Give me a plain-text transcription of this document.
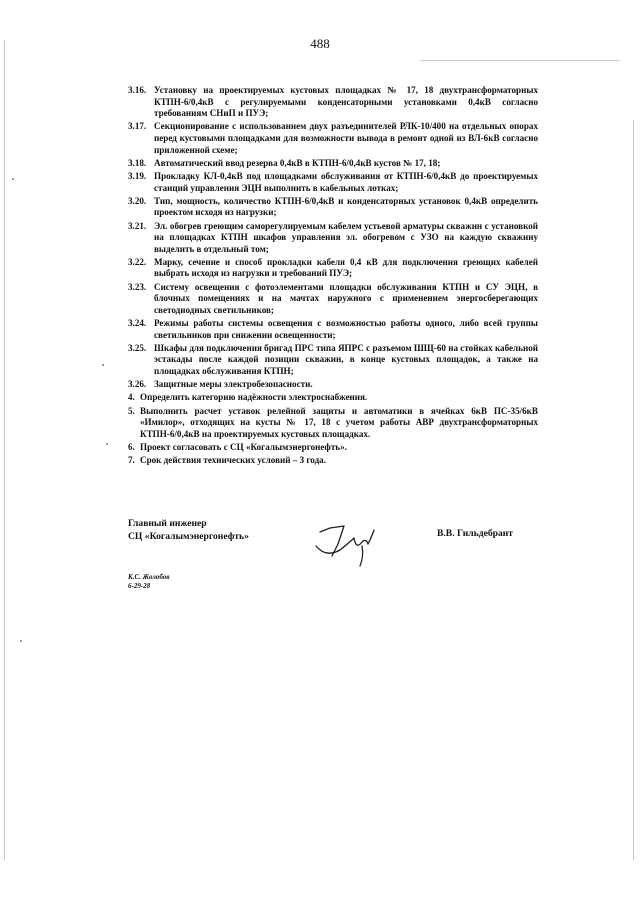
488
3.16. Установку на проектируемых кустовых площадках № 17, 18 двухтрансформаторных КТПН-6/0,4кВ с регулируемыми конденсаторными установками 0,4кВ согласно требованиям СНиП и ПУЭ;
3.17. Секционирование с использованием двух разъединителей РЛК-10/400 на отдельных опорах перед кустовыми площадками для возможности вывода в ремонт одной из ВЛ-6кВ согласно приложенной схеме;
3.18. Автоматический ввод резерва 0,4кВ в КТПН-6/0,4кВ кустов № 17, 18;
3.19. Прокладку КЛ-0,4кВ под площадками обслуживания от КТПН-6/0,4кВ до проектируемых станций управления ЭЦН выполнить в кабельных лотках;
3.20. Тип, мощность, количество КТПН-6/0,4кВ и конденсаторных установок 0,4кВ определить проектом исходя из нагрузки;
3.21. Эл. обогрев греющим саморегулируемым кабелем устьевой арматуры скважин с установкой на площадках КТПН шкафов управления эл. обогревом с УЗО на каждую скважину выделить в отдельный том;
3.22. Марку, сечение и способ прокладки кабеля 0,4 кВ для подключения греющих кабелей выбрать исходя из нагрузки и требований ПУЭ;
3.23. Систему освещения с фотоэлементами площадки обслуживания КТПН и СУ ЭЦН, в блочных помещениях и на мачтах наружного с применением энергосберегающих светодиодных светильников;
3.24. Режимы работы системы освещения с возможностью работы одного, либо всей группы светильников при снижении освещенности;
3.25. Шкафы для подключения бригад ПРС типа ЯПРС с разъемом ШЩ-60 на стойках кабельной эстакады после каждой позиции скважин, в конце кустовых площадок, а также на площадках обслуживания КТПН;
3.26. Защитные меры электробезопасности.
4. Определить категорию надёжности электроснабжения.
5. Выполнить расчет уставок релейной защиты и автоматики в ячейках 6кВ ПС-35/6кВ «Имилор», отходящих на кусты № 17, 18 с учетом работы АВР двухтрансформаторных КТПН-6/0,4кВ на проектируемых кустовых площадках.
6. Проект согласовать с СЦ «Когалымэнергонефть».
7. Срок действия технических условий – 3 года.
Главный инженер
СЦ «Когалымэнергонефть»	В.В. Гильдебрант
К.С. Жолобов
6-29-28
